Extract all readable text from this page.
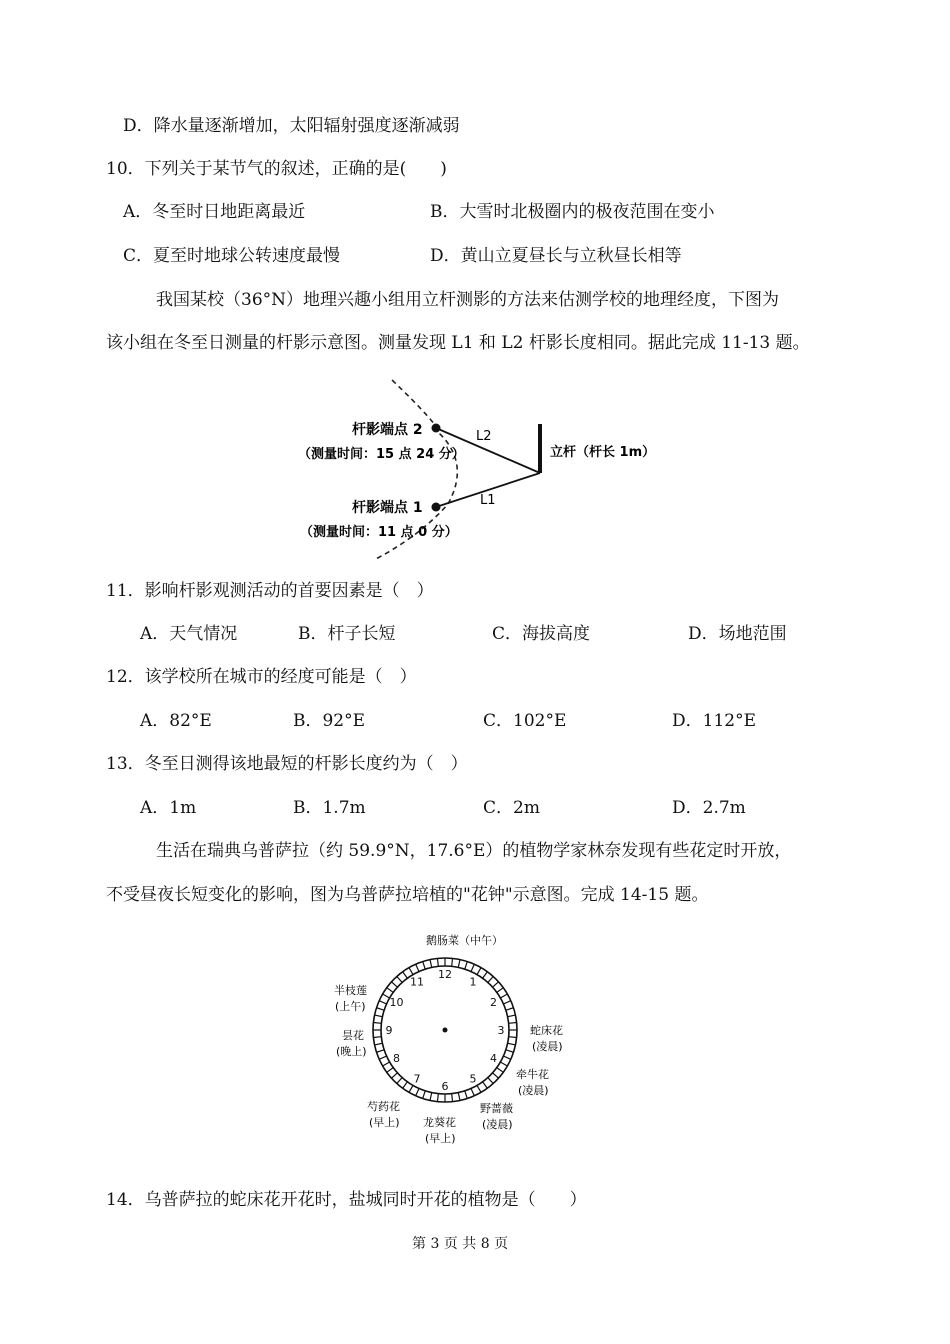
D．降水量逐渐增加，太阳辐射强度逐渐减弱
10．下列关于某节气的叙述，正确的是(　　)
A．冬至时日地距离最近	B．大雪时北极圈内的极夜范围在变小
C．夏至时地球公转速度最慢	D．黄山立夏昼长与立秋昼长相等
我国某校（36°N）地理兴趣小组用立杆测影的方法来估测学校的地理经度，下图为
该小组在冬至日测量的杆影示意图。测量发现 L1 和 L2 杆影长度相同。据此完成 11-13 题。
杆影端点 2
（测量时间：15 点 24 分）
杆影端点 1
（测量时间：11 点 0 分）
立杆（杆长 1m）
L2
L1
11．影响杆影观测活动的首要因素是（　）
A．天气情况	B．杆子长短	C．海拔高度	D．场地范围
12．该学校所在城市的经度可能是（　）
A．82°E	B．92°E	C．102°E	D．112°E
13．冬至日测得该地最短的杆影长度约为（　）
A．1m	B．1.7m	C．2m	D．2.7m
生活在瑞典乌普萨拉（约 59.9°N，17.6°E）的植物学家林奈发现有些花定时开放，
不受昼夜长短变化的影响，图为乌普萨拉培植的"花钟"示意图。完成 14-15 题。
12
1
2
3
4
5
6
7
8
9
10
11
鹅肠菜（中午）
半枝莲
(上午)
昙花
(晚上)
蛇床花
(凌晨)
牵牛花
(凌晨)
野蔷薇
(凌晨)
龙葵花
(早上)
芍药花
(早上)
14．乌普萨拉的蛇床花开花时，盐城同时开花的植物是（　　）
第 3 页 共 8 页
